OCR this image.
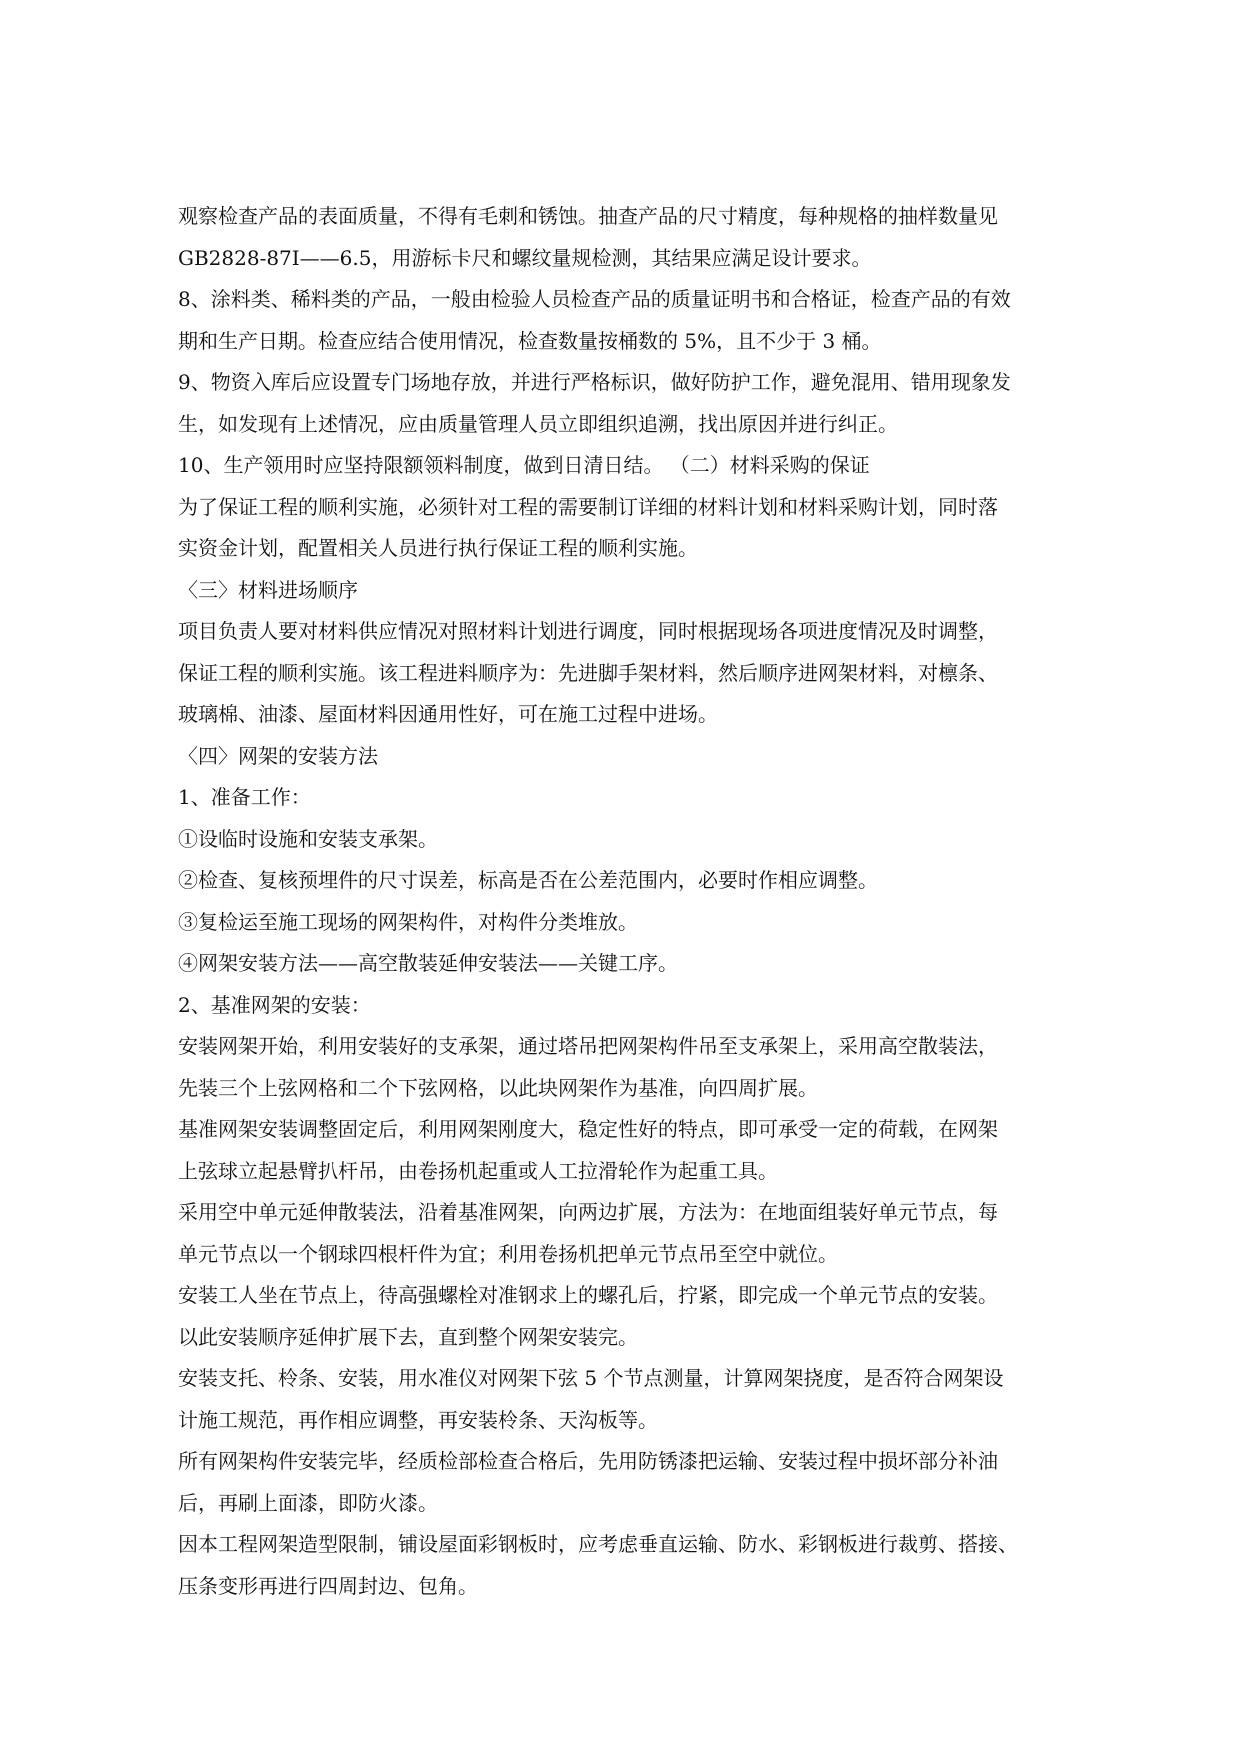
观察检查产品的表面质量，不得有毛刺和锈蚀。抽查产品的尺寸精度，每种规格的抽样数量见
GB2828-87I——6.5，用游标卡尺和螺纹量规检测，其结果应满足设计要求。
8、涂料类、稀料类的产品，一般由检验人员检查产品的质量证明书和合格证，检查产品的有效
期和生产日期。检查应结合使用情况，检查数量按桶数的 5%，且不少于 3 桶。
9、物资入库后应设置专门场地存放，并进行严格标识，做好防护工作，避免混用、错用现象发
生，如发现有上述情况，应由质量管理人员立即组织追溯，找出原因并进行纠正。
10、生产领用时应坚持限额领料制度，做到日清日结。 （二）材料采购的保证
为了保证工程的顺利实施，必须针对工程的需要制订详细的材料计划和材料采购计划，同时落
实资金计划，配置相关人员进行执行保证工程的顺利实施。
〈三〉材料进场顺序
项目负责人要对材料供应情况对照材料计划进行调度，同时根据现场各项进度情况及时调整，
保证工程的顺利实施。该工程进料顺序为：先进脚手架材料，然后顺序进网架材料，对檩条、
玻璃棉、油漆、屋面材料因通用性好，可在施工过程中进场。
〈四〉网架的安装方法
1、准备工作：
①设临时设施和安装支承架。
②检查、复核预埋件的尺寸误差，标高是否在公差范围内，必要时作相应调整。
③复检运至施工现场的网架构件，对构件分类堆放。
④网架安装方法——高空散装延伸安装法——关键工序。
2、基准网架的安装：
安装网架开始，利用安装好的支承架，通过塔吊把网架构件吊至支承架上，采用高空散装法，
先装三个上弦网格和二个下弦网格，以此块网架作为基准，向四周扩展。
基准网架安装调整固定后，利用网架刚度大，稳定性好的特点，即可承受一定的荷载，在网架
上弦球立起悬臂扒杆吊，由卷扬机起重或人工拉滑轮作为起重工具。
采用空中单元延伸散装法，沿着基准网架，向两边扩展，方法为：在地面组装好单元节点，每
单元节点以一个钢球四根杆件为宜；利用卷扬机把单元节点吊至空中就位。
安装工人坐在节点上，待高强螺栓对准钢求上的螺孔后，拧紧，即完成一个单元节点的安装。
以此安装顺序延伸扩展下去，直到整个网架安装完。
安装支托、柃条、安装，用水准仪对网架下弦 5 个节点测量，计算网架挠度，是否符合网架设
计施工规范，再作相应调整，再安装柃条、天沟板等。
所有网架构件安装完毕，经质检部检查合格后，先用防锈漆把运输、安装过程中损坏部分补油
后，再刷上面漆，即防火漆。
因本工程网架造型限制，铺设屋面彩钢板时，应考虑垂直运输、防水、彩钢板进行裁剪、搭接、
压条变形再进行四周封边、包角。
